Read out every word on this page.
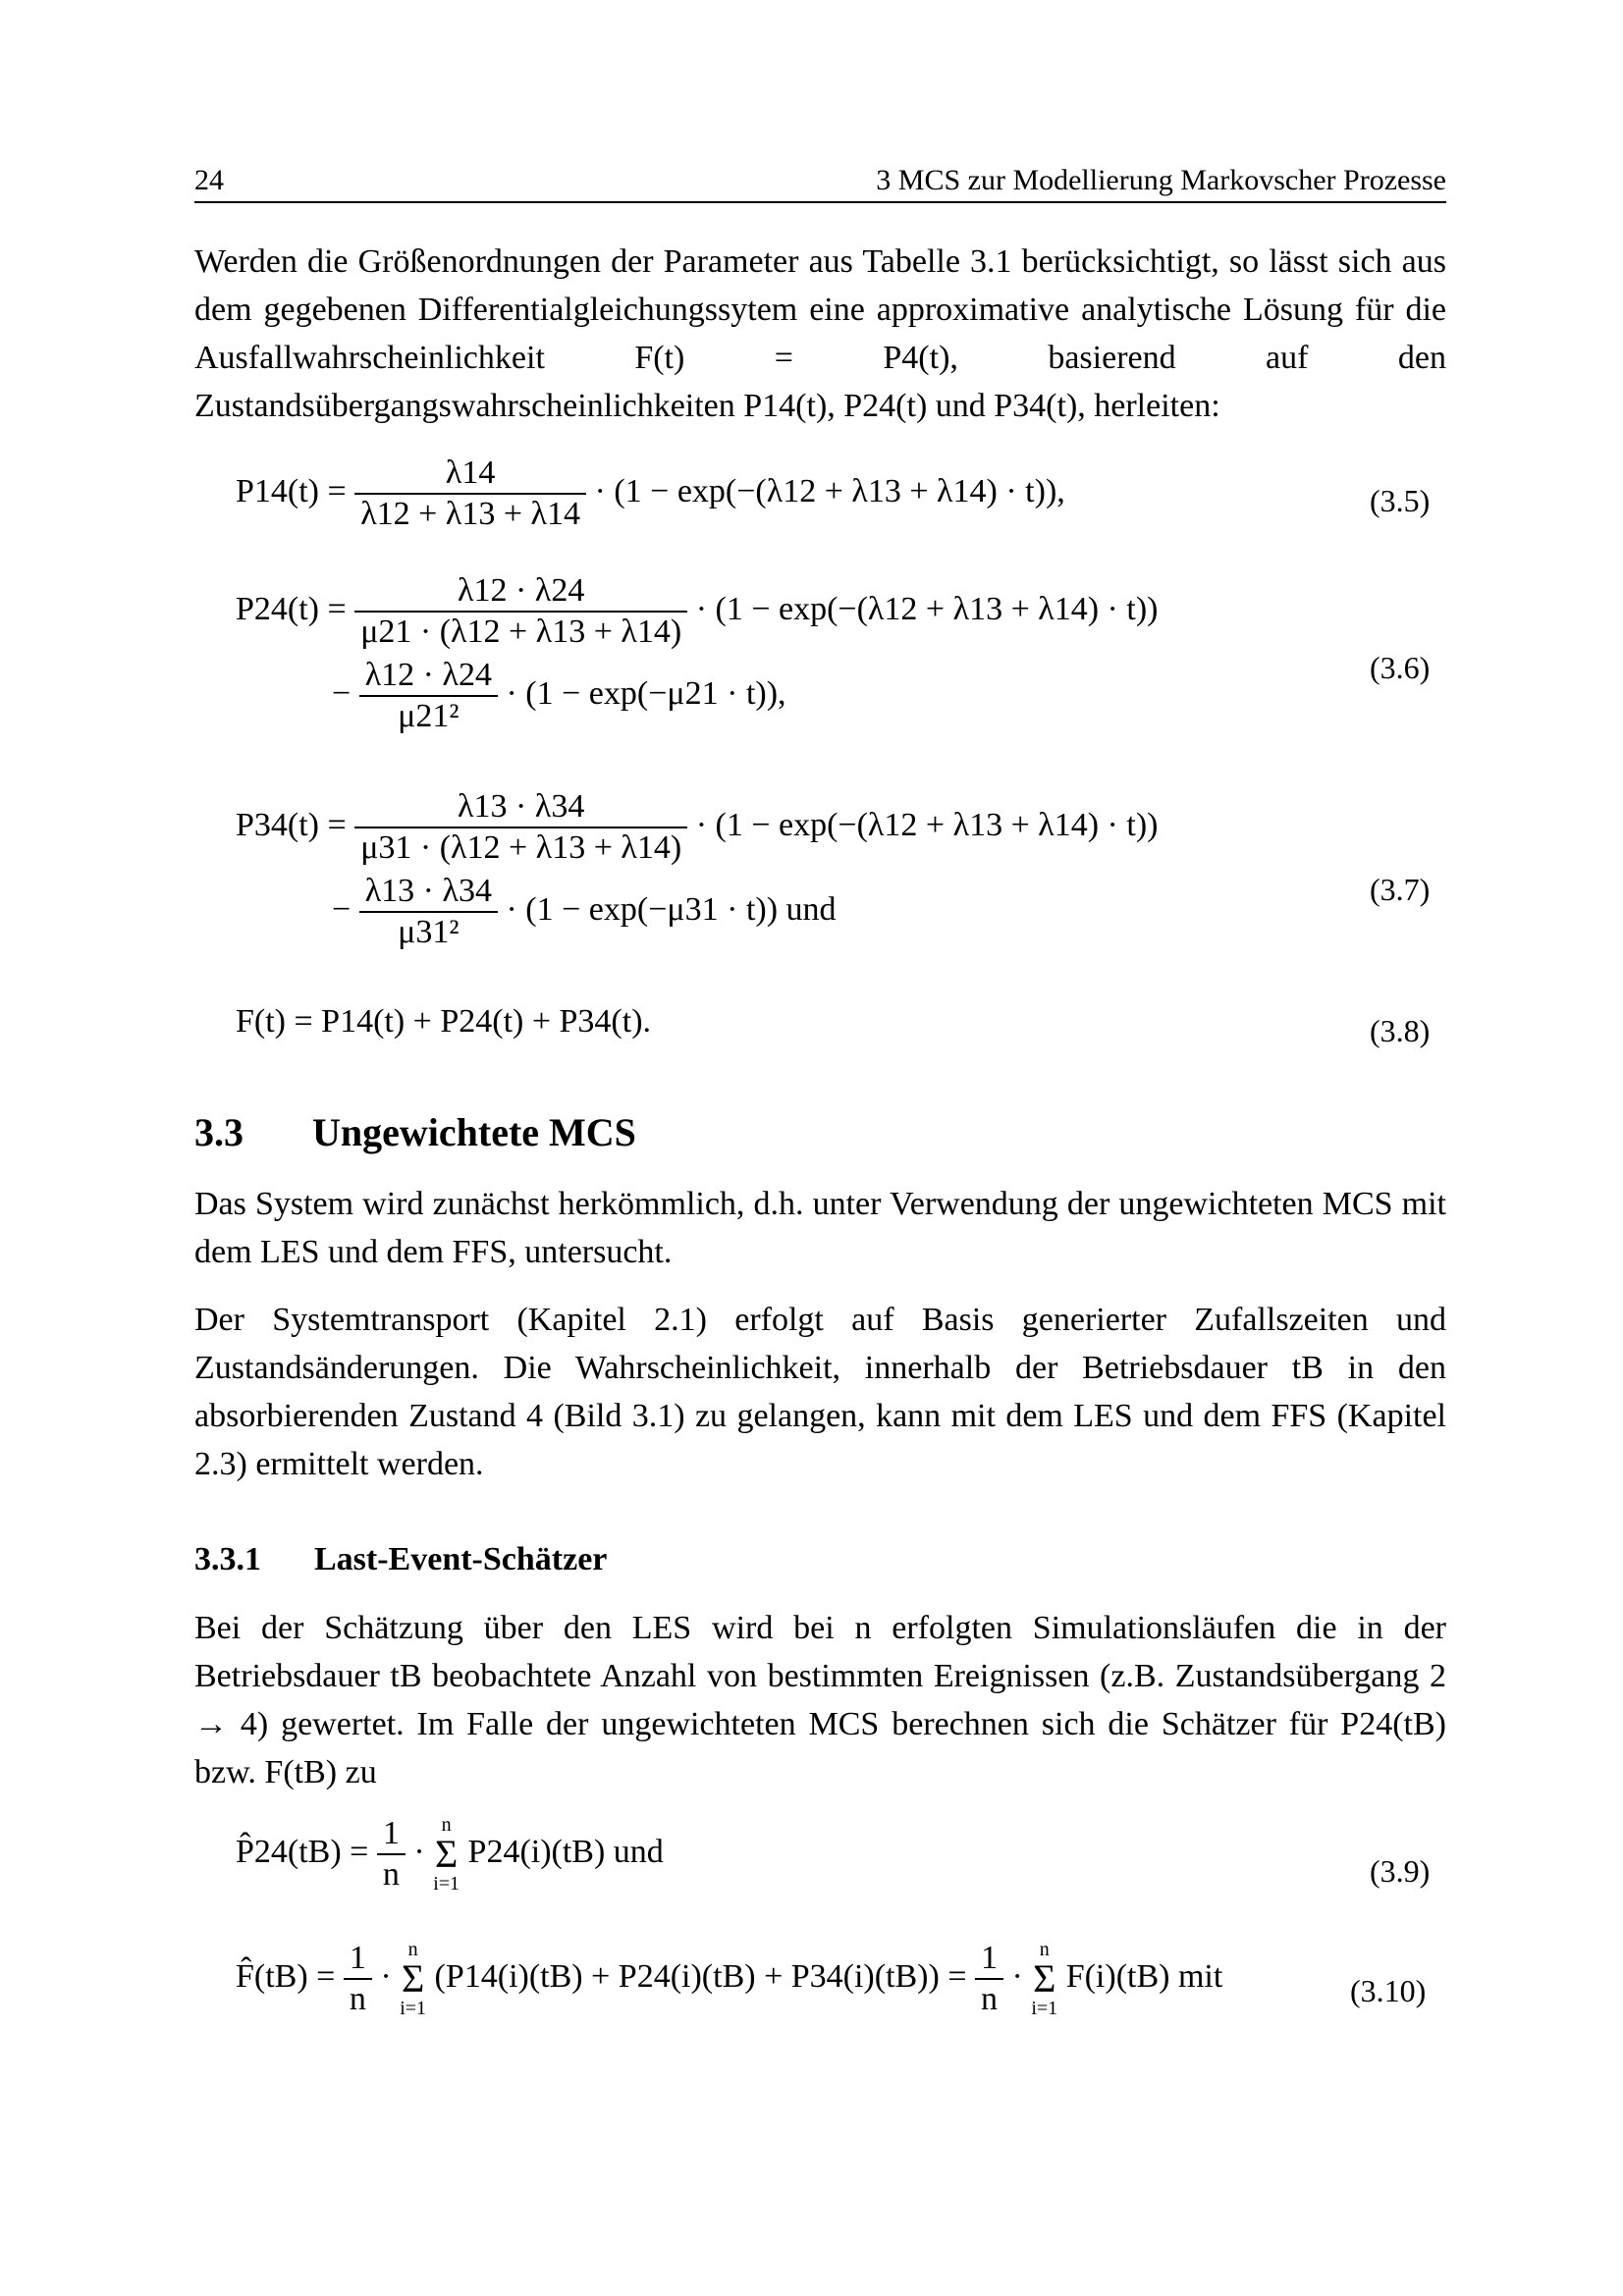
24	3 MCS zur Modellierung Markovscher Prozesse

Werden die Größenordnungen der Parameter aus Tabelle 3.1 berücksichtigt, so lässt sich aus dem gegebenen Differentialgleichungssytem eine approximative analytische Lösung für die Ausfallwahrscheinlichkeit F(t) = P4(t), basierend auf den Zustandsübergangswahrscheinlichkeiten P14(t), P24(t) und P34(t), herleiten:

$P14(t) = \frac{\lambda 14}{\lambda 12 + \lambda 13 + \lambda 14} \cdot (1 - \exp(-(\lambda 12 + \lambda 13 + \lambda 14) \cdot t))$,	(3.5)
$P24(t) = \frac{\lambda 12 \cdot \lambda 24}{\mu 21 \cdot (\lambda 12 + \lambda 13 + \lambda 14)} \cdot (1 - \exp(-(\lambda 12 + \lambda 13 + \lambda 14) \cdot t))$
− $\frac{\lambda 12 \cdot \lambda 24}{\text{μ21²}} \cdot (1 - \exp(-\mu 21 \cdot t))$,
(3.6)
$P34(t) = \frac{\lambda 13 \cdot \lambda 34}{\mu 31 \cdot (\lambda 12 + \lambda 13 + \lambda 14)} \cdot (1 - \exp(-(\lambda 12 + \lambda 13 + \lambda 14) \cdot t))$
− $\frac{\lambda 13 \cdot \lambda 34}{\text{μ31²}} \cdot (1 - \exp(-\mu 31 \cdot t))$ und
(3.7)
F(t) = P14(t) + P24(t) + P34(t).	(3.8)
3.3 Ungewichtete MCS

Das System wird zunächst herkömmlich, d.h. unter Verwendung der ungewichteten MCS mit dem LES und dem FFS, untersucht.

Der Systemtransport (Kapitel 2.1) erfolgt auf Basis generierter Zufallszeiten und Zustandsänderungen. Die Wahrscheinlichkeit, innerhalb der Betriebsdauer tB in den absorbierenden Zustand 4 (Bild 3.1) zu gelangen, kann mit dem LES und dem FFS (Kapitel 2.3) ermittelt werden.

3.3.1 Last-Event-Schätzer

Bei der Schätzung über den LES wird bei n erfolgten Simulationsläufen die in der Betriebsdauer tB beobachtete Anzahl von bestimmten Ereignissen (z.B. Zustandsübergang 2 → 4) gewertet. Im Falle der ungewichteten MCS berechnen sich die Schätzer für P24(tB) bzw. F(tB) zu

P̂24(tB) = $\frac{1}{n}$ ·
n
Σ
i=1
P24(i)(tB) und
(3.9)
F̂(tB) = $\frac{1}{n}$ ·
n
Σ
i=1
$(P14(i)(tB) + P24(i)(tB) + P34(i)(tB)) = \frac{1}{n}$ ·
n
Σ
i=1
F(i)(tB) mit	(3.10)
